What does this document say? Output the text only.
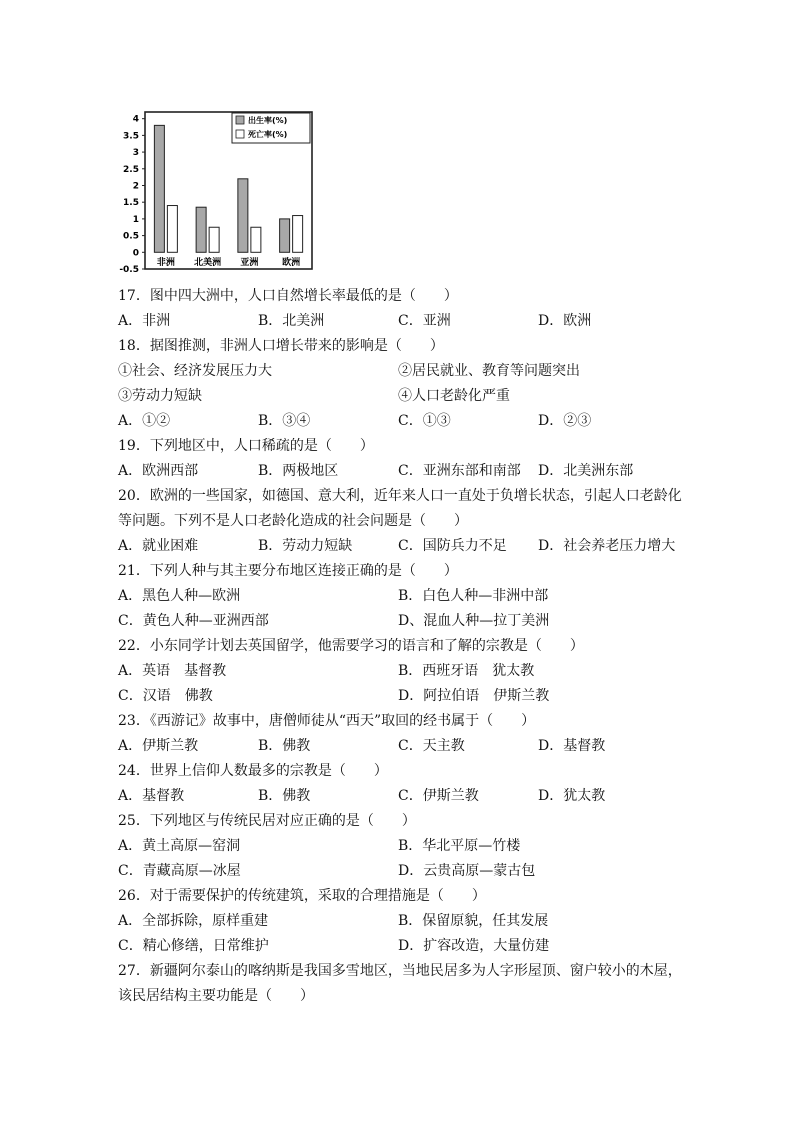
4
3.5
3
2.5
2
1.5
1
0.5
0
-0.5
非洲 北美洲 亚洲	欧洲
出生率(%)
死亡率(%)
17．图中四大洲中，人口自然增长率最低的是（　　）
A．非洲	B．北美洲	C．亚洲	D．欧洲
18．据图推测，非洲人口增长带来的影响是（　　）
①社会、经济发展压力大	②居民就业、教育等问题突出
③劳动力短缺	④人口老龄化严重
A．①②	B．③④	C．①③	D．②③
19．下列地区中，人口稀疏的是（　　）
A．欧洲西部	B．两极地区	C．亚洲东部和南部 D．北美洲东部
20．欧洲的一些国家，如德国、意大利，近年来人口一直处于负增长状态，引起人口老龄化
等问题。下列不是人口老龄化造成的社会问题是（　　）
A．就业困难	B．劳动力短缺	C．国防兵力不足 D．社会养老压力增大
21．下列人种与其主要分布地区连接正确的是（　　）
A．黑色人种—欧洲	B．白色人种—非洲中部
C．黄色人种—亚洲西部	D、混血人种—拉丁美洲
22．小东同学计划去英国留学，他需要学习的语言和了解的宗教是（　　）
A．英语　基督教	B．西班牙语　犹太教
C．汉语　佛教	D．阿拉伯语　伊斯兰教
23．《西游记》故事中，唐僧师徒从“西天”取回的经书属于（　　）
A．伊斯兰教	B．佛教	C．天主教	D．基督教
24．世界上信仰人数最多的宗教是（　　）
A．基督教	B．佛教	C．伊斯兰教	D．犹太教
25．下列地区与传统民居对应正确的是（　　）
A．黄土高原—窑洞	B．华北平原—竹楼
C．青藏高原—冰屋	D．云贵高原—蒙古包
26．对于需要保护的传统建筑，采取的合理措施是（　　）
A．全部拆除，原样重建	B．保留原貌，任其发展
C．精心修缮，日常维护	D．扩容改造，大量仿建
27．新疆阿尔泰山的喀纳斯是我国多雪地区，当地民居多为人字形屋顶、窗户较小的木屋，
该民居结构主要功能是（　　）
